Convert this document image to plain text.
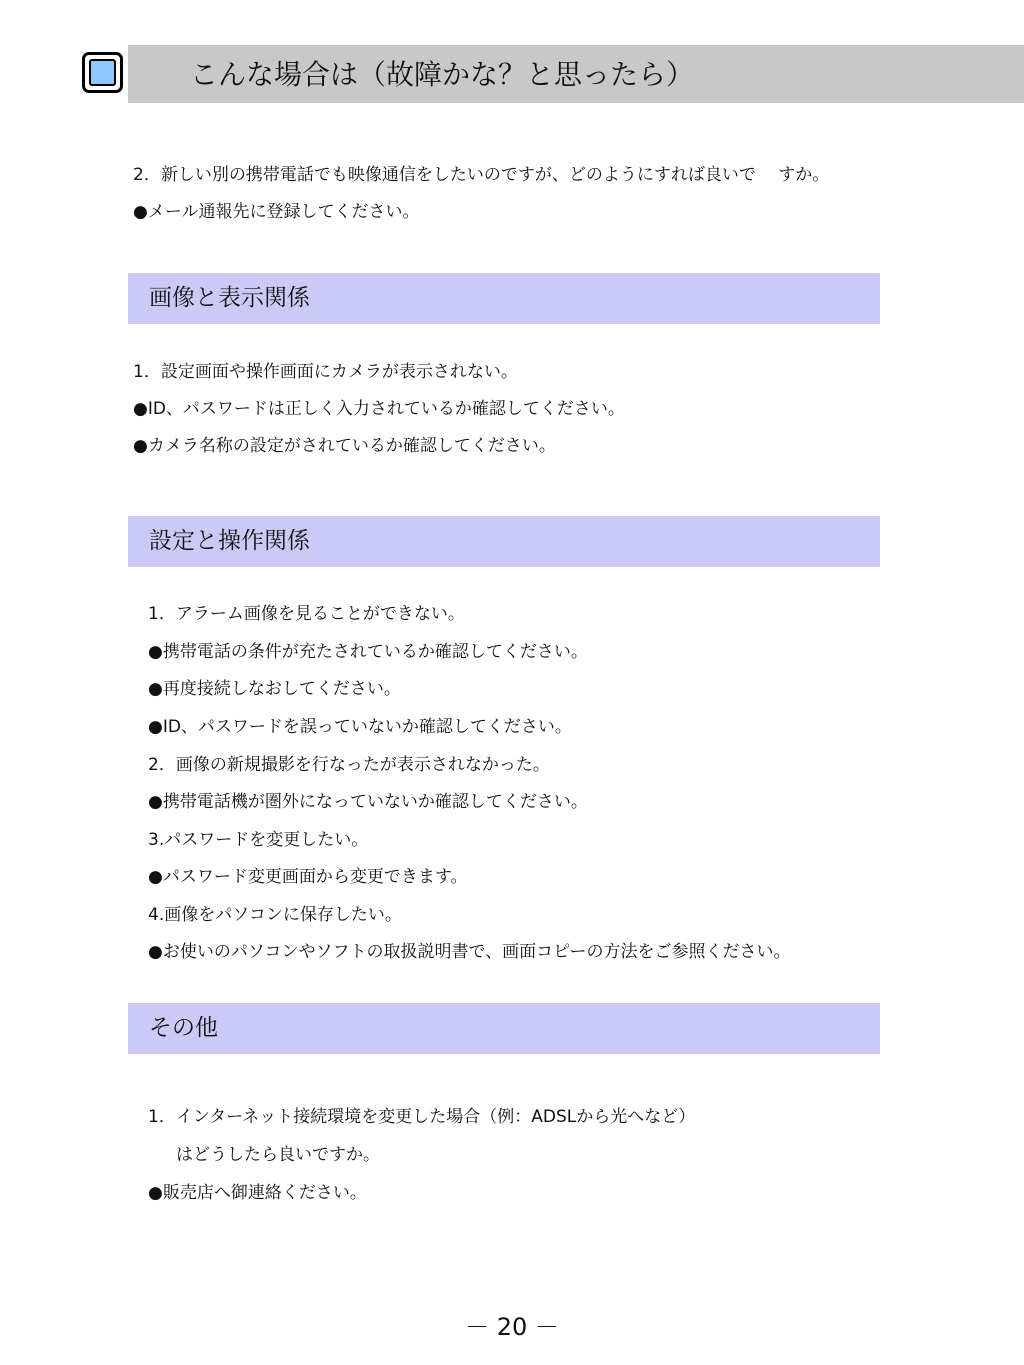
こんな場合は（故障かな？と思ったら）
2．新しい別の携帯電話でも映像通信をしたいのですが、どのようにすれば良いで　 すか。
●メール通報先に登録してください。
画像と表示関係
1．設定画面や操作画面にカメラが表示されない。
●ID、パスワードは正しく入力されているか確認してください。
●カメラ名称の設定がされているか確認してください。
設定と操作関係
1．アラーム画像を見ることができない。
●携帯電話の条件が充たされているか確認してください。
●再度接続しなおしてください。
●ID、パスワードを誤っていないか確認してください。
2．画像の新規撮影を行なったが表示されなかった。
●携帯電話機が圏外になっていないか確認してください。
3.パスワードを変更したい。
●パスワード変更画面から変更できます。
4.画像をパソコンに保存したい。
●お使いのパソコンやソフトの取扱説明書で、画面コピーの方法をご参照ください。
その他
1．インターネット接続環境を変更した場合（例：ADSLから光へなど）
はどうしたら良いですか。
●販売店へ御連絡ください。
－ 20 －
